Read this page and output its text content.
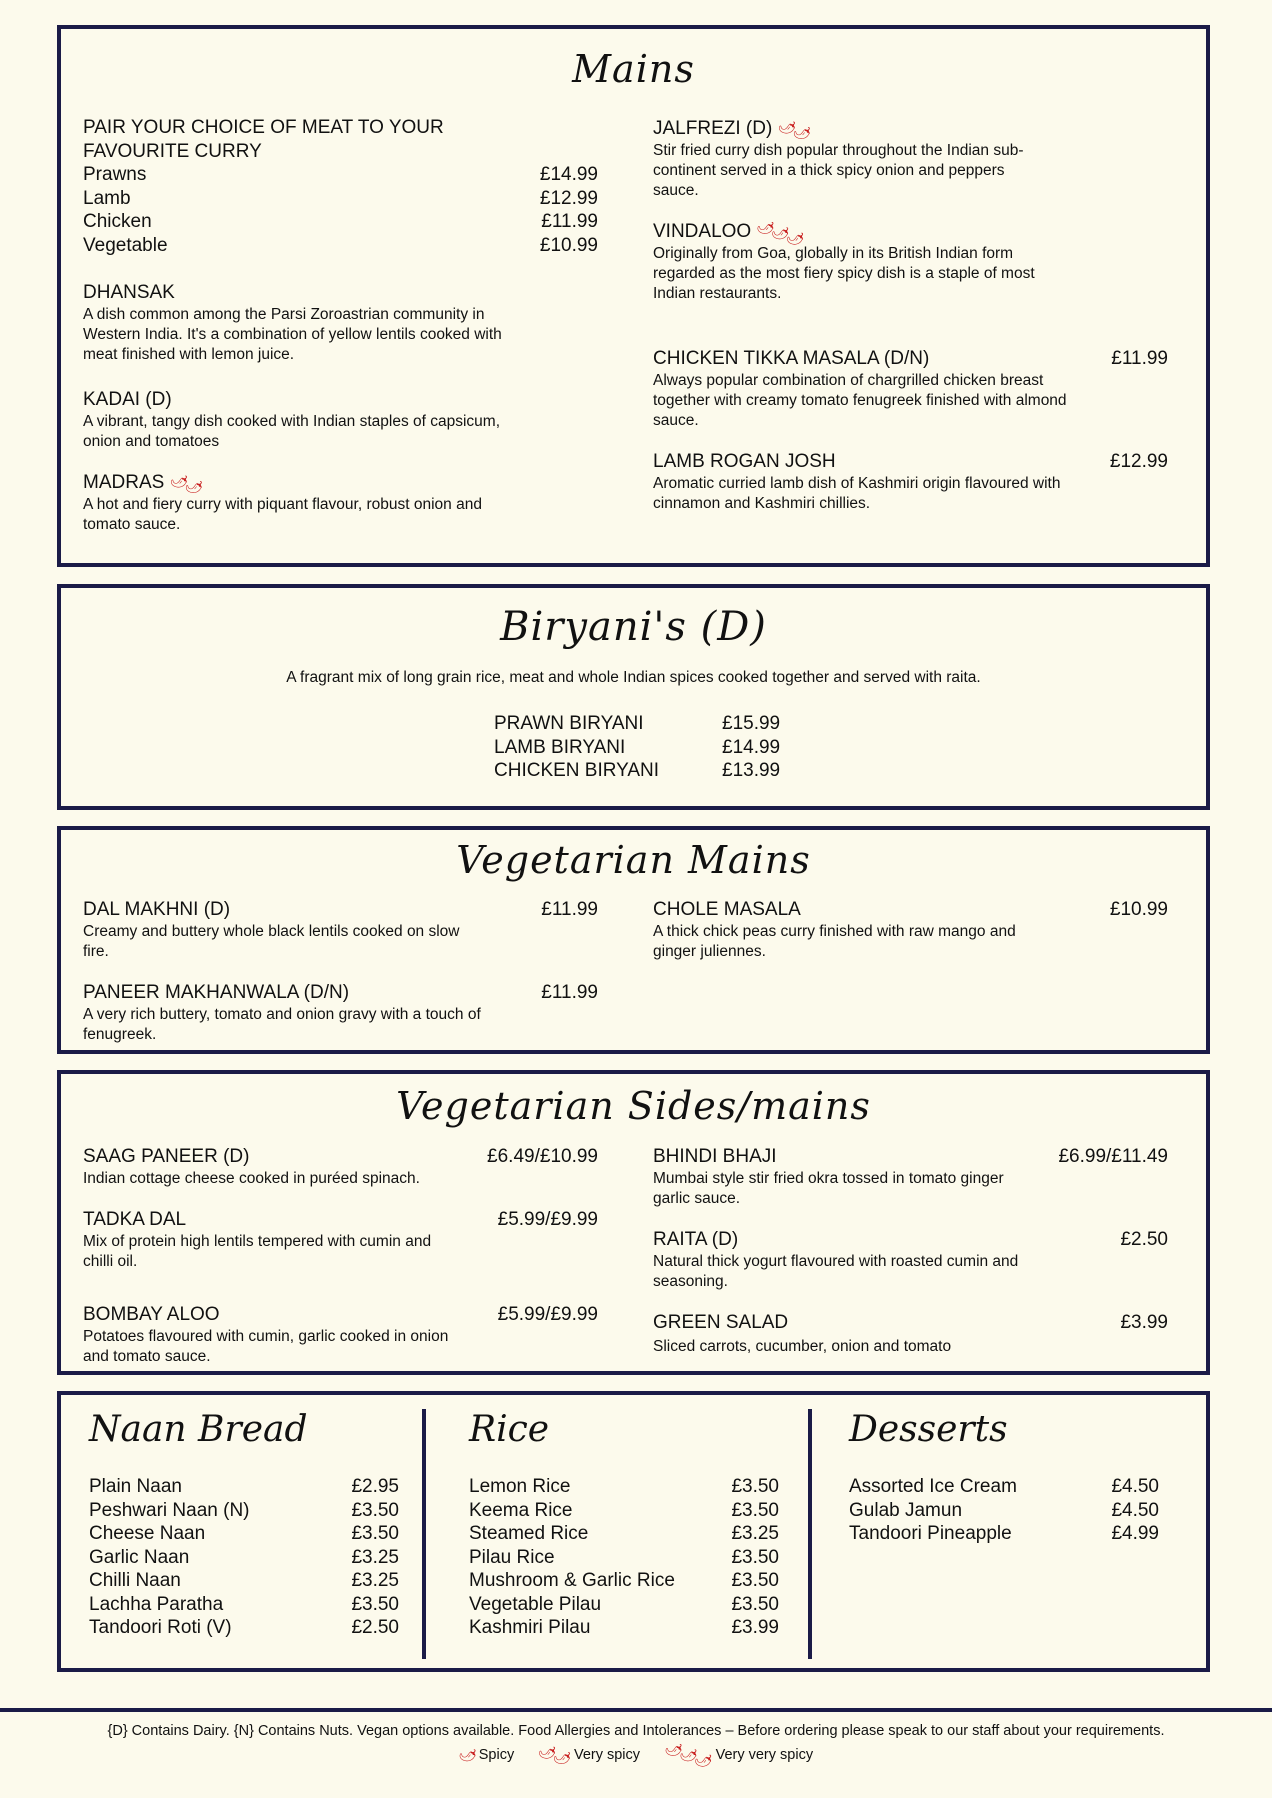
Mains
PAIR YOUR CHOICE OF MEAT TO YOUR
FAVOURITE CURRY
Prawns	£14.99
Lamb	£12.99
Chicken	£11.99
Vegetable	£10.99
DHANSAK
A dish common among the Parsi Zoroastrian community in Western India. It's a combination of yellow lentils cooked with meat finished with lemon juice.
KADAI (D)
A vibrant, tangy dish cooked with Indian staples of capsicum, onion and tomatoes
MADRAS 🌶🌶
A hot and fiery curry with piquant flavour, robust onion and tomato sauce.
JALFREZI (D) 🌶🌶
Stir fried curry dish popular throughout the Indian sub-continent served in a thick spicy onion and peppers sauce.
VINDALOO 🌶🌶🌶
Originally from Goa, globally in its British Indian form regarded as the most fiery spicy dish is a staple of most Indian restaurants.
CHICKEN TIKKA MASALA (D/N)	£11.99
Always popular combination of chargrilled chicken breast together with creamy tomato fenugreek finished with almond sauce.
LAMB ROGAN JOSH	£12.99
Aromatic curried lamb dish of Kashmiri origin flavoured with cinnamon and Kashmiri chillies.
Biryani's (D)
A fragrant mix of long grain rice, meat and whole Indian spices cooked together and served with raita.
PRAWN BIRYANI	£15.99
LAMB BIRYANI	£14.99
CHICKEN BIRYANI	£13.99
Vegetarian Mains
DAL MAKHNI (D)	£11.99
Creamy and buttery whole black lentils cooked on slow fire.
PANEER MAKHANWALA (D/N)	£11.99
A very rich buttery, tomato and onion gravy with a touch of fenugreek.
CHOLE MASALA	£10.99
A thick chick peas curry finished with raw mango and ginger juliennes.
Vegetarian Sides/mains
SAAG PANEER (D)	£6.49/£10.99
Indian cottage cheese cooked in puréed spinach.
TADKA DAL	£5.99/£9.99
Mix of protein high lentils tempered with cumin and chilli oil.
BOMBAY ALOO	£5.99/£9.99
Potatoes flavoured with cumin, garlic cooked in onion and tomato sauce.
BHINDI BHAJI	£6.99/£11.49
Mumbai style stir fried okra tossed in tomato ginger garlic sauce.
RAITA (D)	£2.50
Natural thick yogurt flavoured with roasted cumin and seasoning.
GREEN SALAD	£3.99
Sliced carrots, cucumber, onion and tomato
Naan Bread
Plain Naan	£2.95
Peshwari Naan (N)	£3.50
Cheese Naan	£3.50
Garlic Naan	£3.25
Chilli Naan	£3.25
Lachha Paratha	£3.50
Tandoori Roti (V)	£2.50
Rice
Lemon Rice	£3.50
Keema Rice	£3.50
Steamed Rice	£3.25
Pilau Rice	£3.50
Mushroom & Garlic Rice	£3.50
Vegetable Pilau	£3.50
Kashmiri Pilau	£3.99
Desserts
Assorted Ice Cream	£4.50
Gulab Jamun	£4.50
Tandoori Pineapple	£4.99
{D} Contains Dairy. {N} Contains Nuts. Vegan options available. Food Allergies and Intolerances – Before ordering please speak to our staff about your requirements.
🌶 Spicy 🌶🌶 Very spicy 🌶🌶🌶 Very very spicy
